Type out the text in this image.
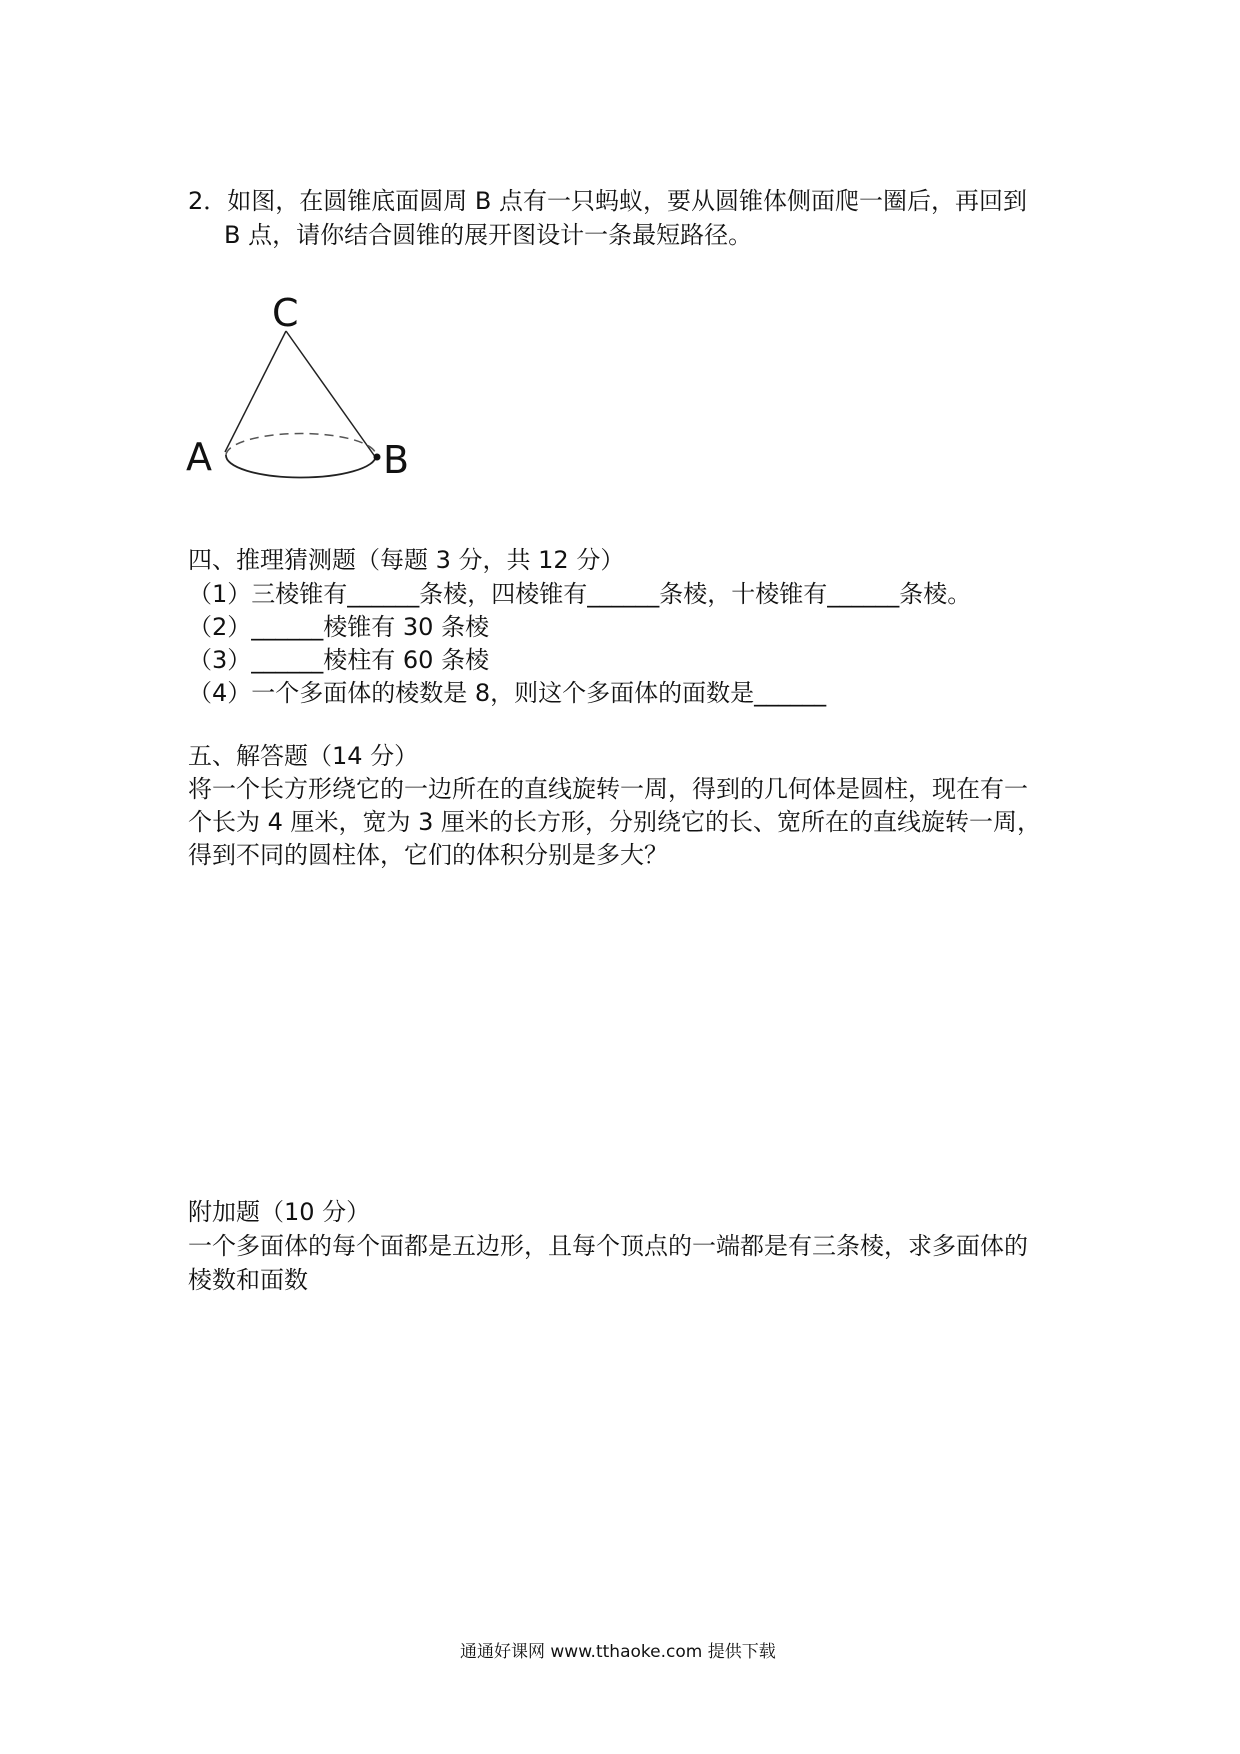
2．如图，在圆锥底面圆周 B 点有一只蚂蚁，要从圆锥体侧面爬一圈后，再回到
B 点，请你结合圆锥的展开图设计一条最短路径。
C
A	B
四、推理猜测题（每题 3 分，共 12 分）
（1）三棱锥有______条棱，四棱锥有______条棱，十棱锥有______条棱。
（2）______棱锥有 30 条棱
（3）______棱柱有 60 条棱
（4）一个多面体的棱数是 8，则这个多面体的面数是______
五、解答题（14 分）
将一个长方形绕它的一边所在的直线旋转一周，得到的几何体是圆柱，现在有一
个长为 4 厘米，宽为 3 厘米的长方形，分别绕它的长、宽所在的直线旋转一周，
得到不同的圆柱体，它们的体积分别是多大？
附加题（10 分）
一个多面体的每个面都是五边形，且每个顶点的一端都是有三条棱，求多面体的
棱数和面数
通通好课网 www.tthaoke.com 提供下载
